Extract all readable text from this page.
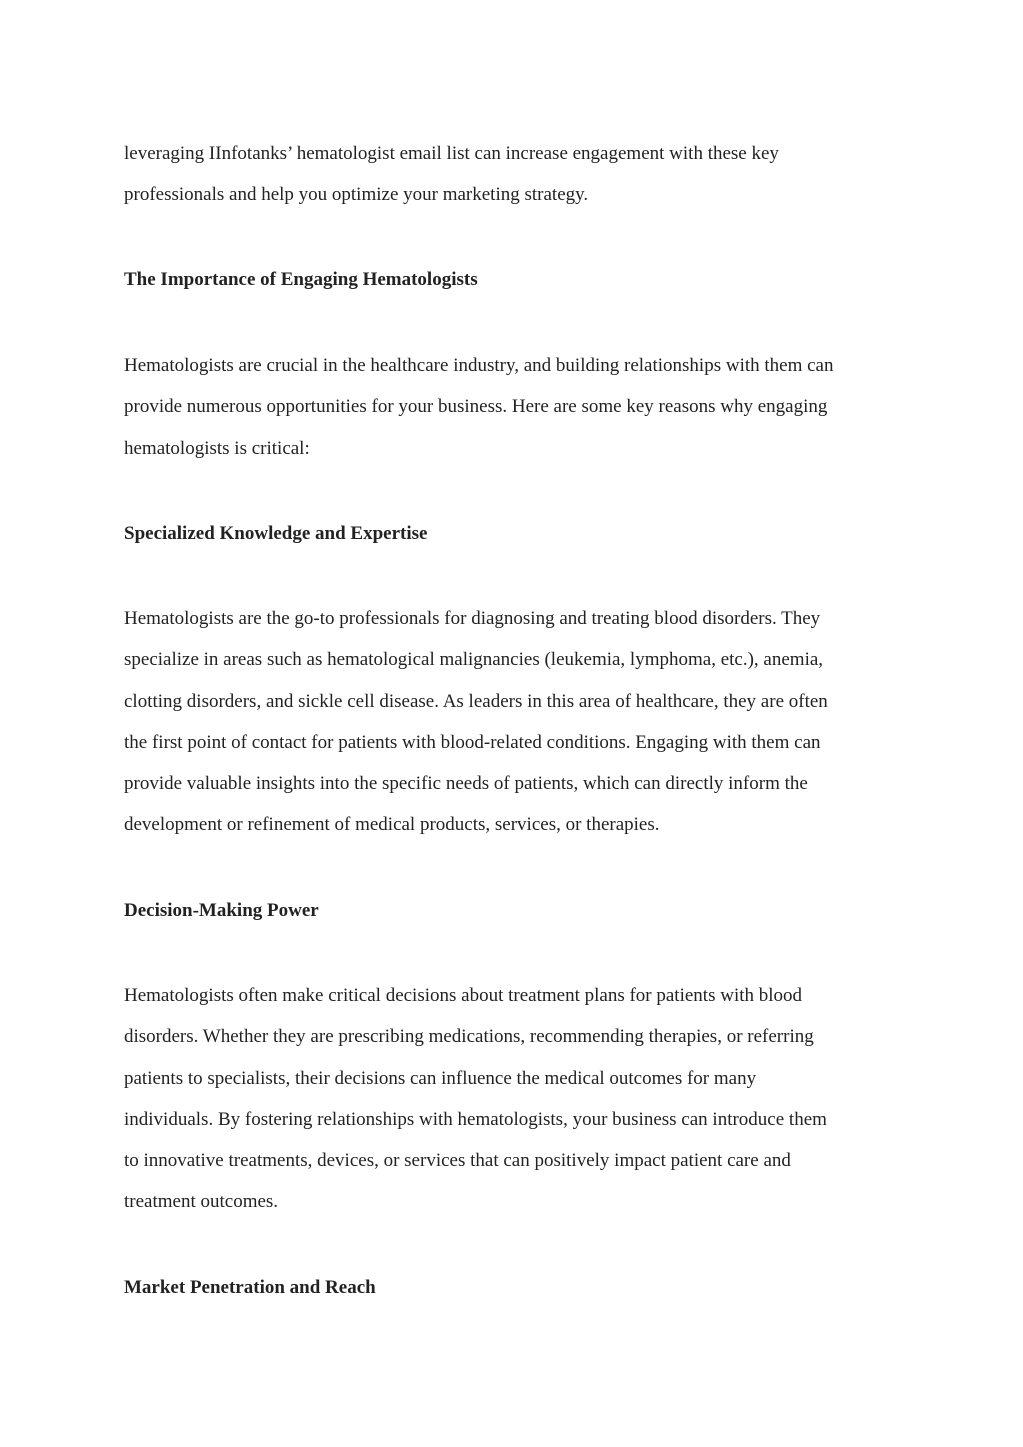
leveraging IInfotanks’ hematologist email list can increase engagement with these key
professionals and help you optimize your marketing strategy.

The Importance of Engaging Hematologists

Hematologists are crucial in the healthcare industry, and building relationships with them can
provide numerous opportunities for your business. Here are some key reasons why engaging
hematologists is critical:

Specialized Knowledge and Expertise

Hematologists are the go-to professionals for diagnosing and treating blood disorders. They
specialize in areas such as hematological malignancies (leukemia, lymphoma, etc.), anemia,
clotting disorders, and sickle cell disease. As leaders in this area of healthcare, they are often
the first point of contact for patients with blood-related conditions. Engaging with them can
provide valuable insights into the specific needs of patients, which can directly inform the
development or refinement of medical products, services, or therapies.

Decision-Making Power

Hematologists often make critical decisions about treatment plans for patients with blood
disorders. Whether they are prescribing medications, recommending therapies, or referring
patients to specialists, their decisions can influence the medical outcomes for many
individuals. By fostering relationships with hematologists, your business can introduce them
to innovative treatments, devices, or services that can positively impact patient care and
treatment outcomes.

Market Penetration and Reach
